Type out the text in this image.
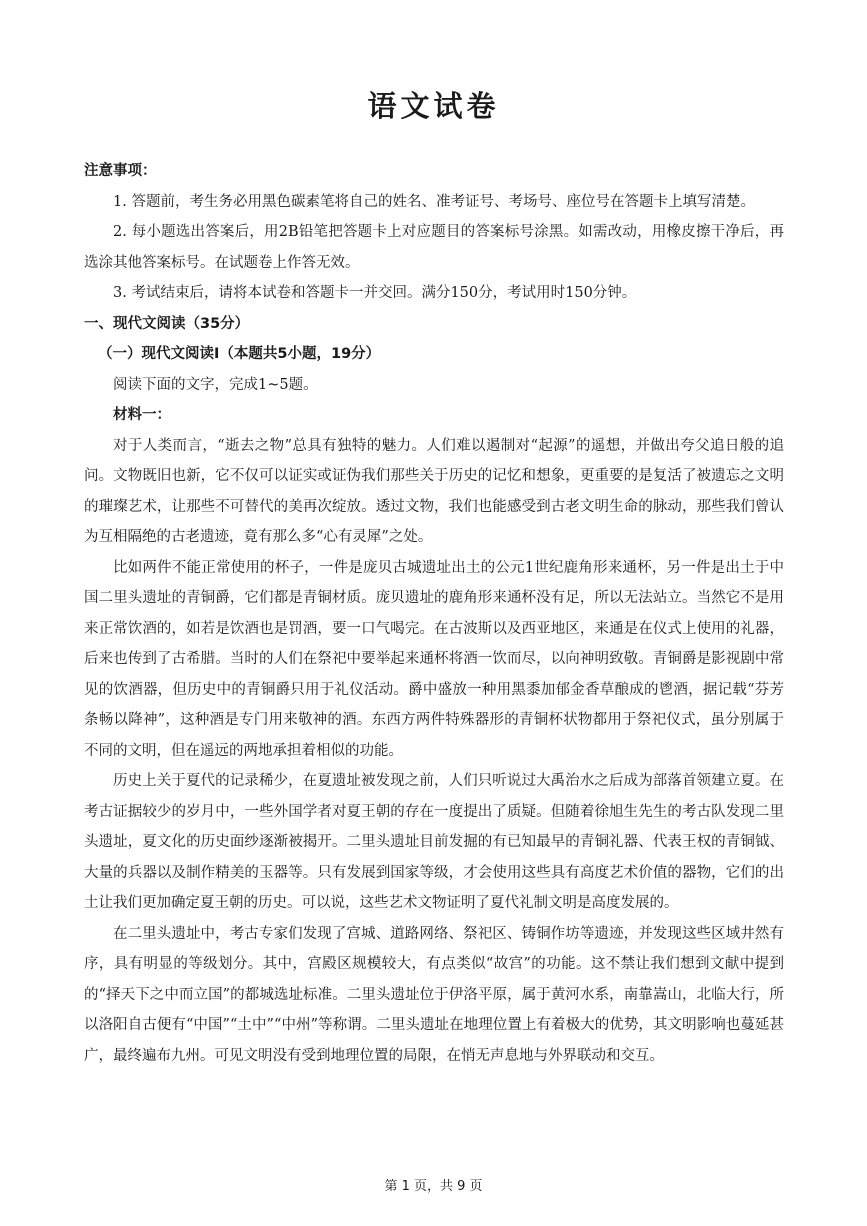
语文试卷

注意事项：

1. 答题前，考生务必用黑色碳素笔将自己的姓名、准考证号、考场号、座位号在答题卡上填写清楚。

2. 每小题选出答案后，用2B铅笔把答题卡上对应题目的答案标号涂黑。如需改动，用橡皮擦干净后，再选涂其他答案标号。在试题卷上作答无效。

3. 考试结束后，请将本试卷和答题卡一并交回。满分150分，考试用时150分钟。

一、现代文阅读（35分）

（一）现代文阅读Ⅰ（本题共5小题，19分）

阅读下面的文字，完成1~5题。

材料一：

对于人类而言，“逝去之物”总具有独特的魅力。人们难以遏制对“起源”的遥想，并做出夸父追日般的追问。文物既旧也新，它不仅可以证实或证伪我们那些关于历史的记忆和想象，更重要的是复活了被遗忘之文明的璀璨艺术，让那些不可替代的美再次绽放。透过文物，我们也能感受到古老文明生命的脉动，那些我们曾认为互相隔绝的古老遗迹，竟有那么多“心有灵犀”之处。

比如两件不能正常使用的杯子，一件是庞贝古城遗址出土的公元1世纪鹿角形来通杯，另一件是出土于中国二里头遗址的青铜爵，它们都是青铜材质。庞贝遗址的鹿角形来通杯没有足，所以无法站立。当然它不是用来正常饮酒的，如若是饮酒也是罚酒，要一口气喝完。在古波斯以及西亚地区，来通是在仪式上使用的礼器，后来也传到了古希腊。当时的人们在祭祀中要举起来通杯将酒一饮而尽，以向神明致敬。青铜爵是影视剧中常见的饮酒器，但历史中的青铜爵只用于礼仪活动。爵中盛放一种用黑黍加郁金香草酿成的鬯酒，据记载“芬芳条畅以降神”，这种酒是专门用来敬神的酒。东西方两件特殊器形的青铜杯状物都用于祭祀仪式，虽分别属于不同的文明，但在遥远的两地承担着相似的功能。

历史上关于夏代的记录稀少，在夏遗址被发现之前，人们只听说过大禹治水之后成为部落首领建立夏。在考古证据较少的岁月中，一些外国学者对夏王朝的存在一度提出了质疑。但随着徐旭生先生的考古队发现二里头遗址，夏文化的历史面纱逐渐被揭开。二里头遗址目前发掘的有已知最早的青铜礼器、代表王权的青铜钺、大量的兵器以及制作精美的玉器等。只有发展到国家等级，才会使用这些具有高度艺术价值的器物，它们的出土让我们更加确定夏王朝的历史。可以说，这些艺术文物证明了夏代礼制文明是高度发展的。

在二里头遗址中，考古专家们发现了宫城、道路网络、祭祀区、铸铜作坊等遗迹，并发现这些区域井然有序，具有明显的等级划分。其中，宫殿区规模较大，有点类似“故宫”的功能。这不禁让我们想到文献中提到的“择天下之中而立国”的都城选址标准。二里头遗址位于伊洛平原，属于黄河水系，南靠嵩山，北临大行，所以洛阳自古便有“中国”“土中”“中州”等称谓。二里头遗址在地理位置上有着极大的优势，其文明影响也蔓延甚广，最终遍布九州。可见文明没有受到地理位置的局限，在悄无声息地与外界联动和交互。

第 1 页，共 9 页
